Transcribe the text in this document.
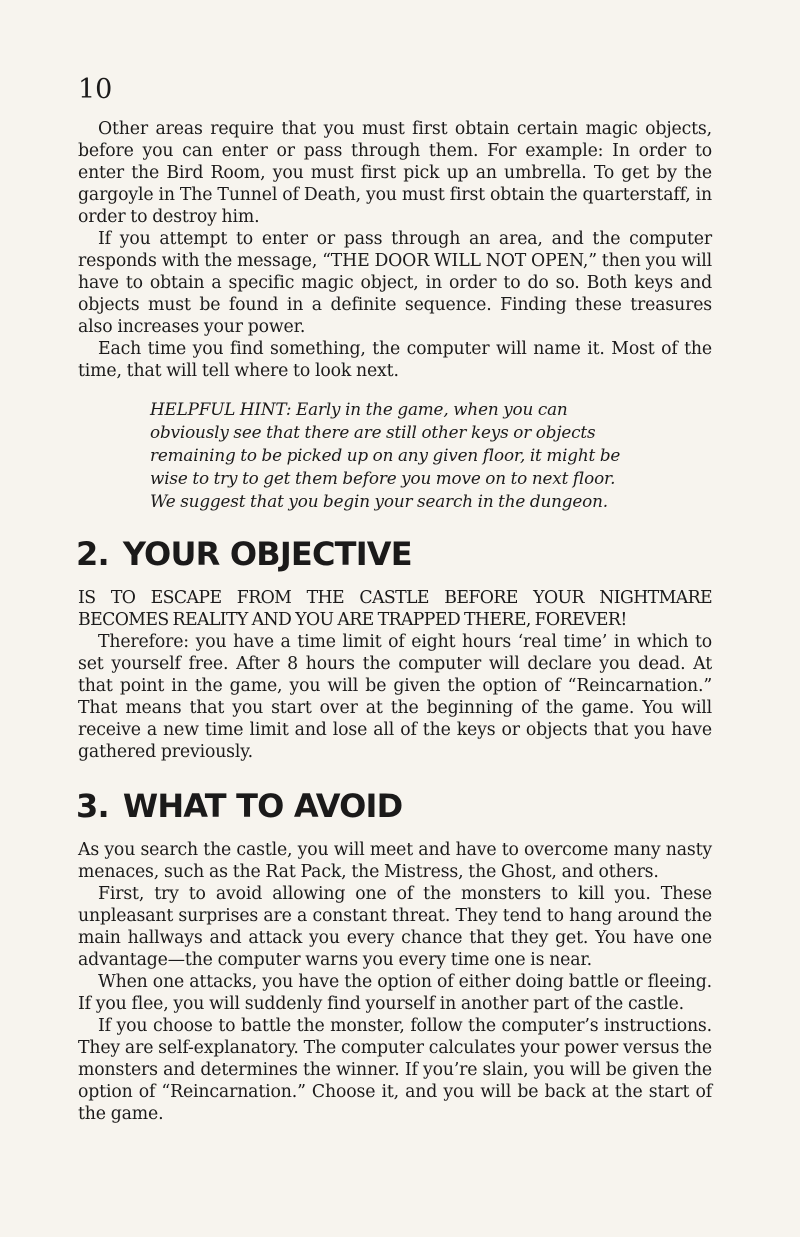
10

Other areas require that you must first obtain certain magic objects, before you can enter or pass through them. For example: In order to enter the Bird Room, you must first pick up an umbrella. To get by the gargoyle in The Tunnel of Death, you must first obtain the quarterstaff, in order to destroy him.

If you attempt to enter or pass through an area, and the computer responds with the message, “THE DOOR WILL NOT OPEN,” then you will have to obtain a specific magic object, in order to do so. Both keys and objects must be found in a definite sequence. Finding these treasures also increases your power.

Each time you find something, the computer will name it. Most of the time, that will tell where to look next.

HELPFUL HINT: Early in the game, when you can obviously see that there are still other keys or objects remaining to be picked up on any given floor, it might be wise to try to get them before you move on to next floor. We suggest that you begin your search in the dungeon.

2. YOUR OBJECTIVE

IS TO ESCAPE FROM THE CASTLE BEFORE YOUR NIGHTMARE BECOMES REALITY AND YOU ARE TRAPPED THERE, FOREVER!

Therefore: you have a time limit of eight hours ‘real time’ in which to set yourself free. After 8 hours the computer will declare you dead. At that point in the game, you will be given the option of “Reincarnation.” That means that you start over at the beginning of the game. You will receive a new time limit and lose all of the keys or objects that you have gathered previously.

3. WHAT TO AVOID

As you search the castle, you will meet and have to overcome many nasty menaces, such as the Rat Pack, the Mistress, the Ghost, and others.

First, try to avoid allowing one of the monsters to kill you. These unpleasant surprises are a constant threat. They tend to hang around the main hallways and attack you every chance that they get. You have one advantage—the computer warns you every time one is near.

When one attacks, you have the option of either doing battle or fleeing. If you flee, you will suddenly find yourself in another part of the castle.

If you choose to battle the monster, follow the computer’s instructions. They are self-explanatory. The computer calculates your power versus the monsters and determines the winner. If you’re slain, you will be given the option of “Reincarnation.” Choose it, and you will be back at the start of the game.
